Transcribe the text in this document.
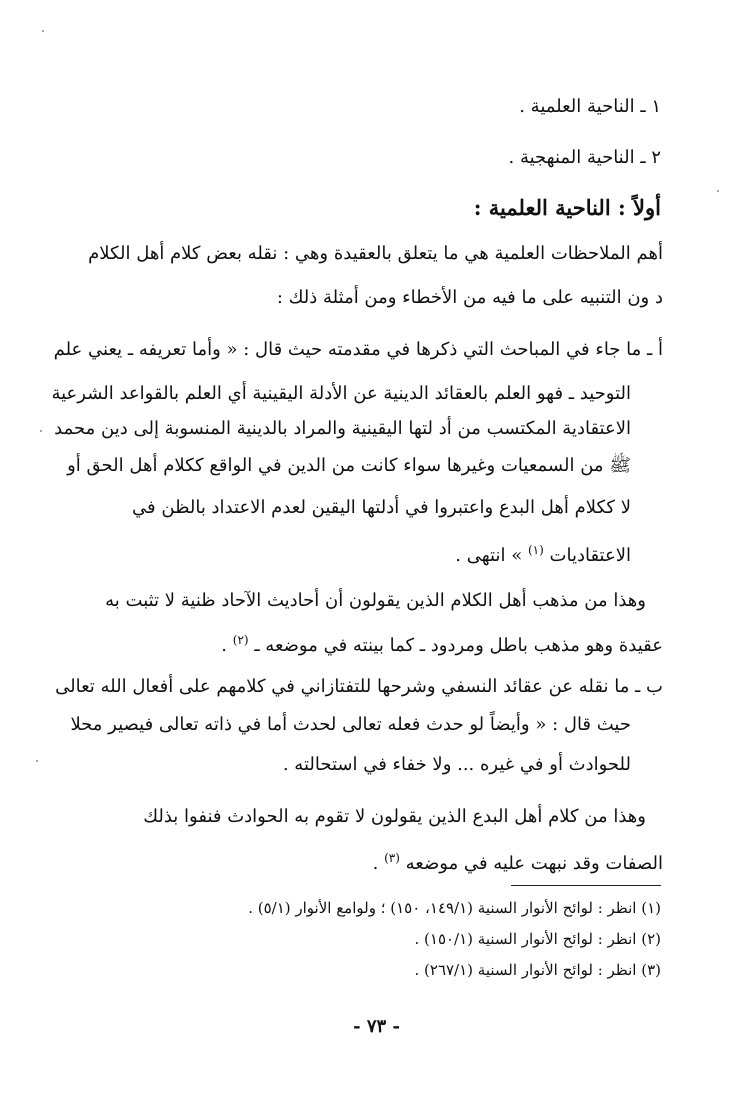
١ ـ الناحية العلمية .
٢ ـ الناحية المنهجية .
أولاً : الناحية العلمية :
أهم الملاحظات العلمية هي ما يتعلق بالعقيدة وهي : نقله بعض كلام أهل الكلام
د ون التنبيه على ما فيه من الأخطاء ومن أمثلة ذلك :
أ ـ ما جاء في المباحث التي ذكرها في مقدمته حيث قال : « وأما تعريفه ـ يعني علم
التوحيد ـ فهو العلم بالعقائد الدينية عن الأدلة اليقينية أي العلم بالقواعد الشرعية
الاعتقادية المكتسب من أد لتها اليقينية والمراد بالدينية المنسوبة إلى دين محمد
ﷺ من السمعيات وغيرها سواء كانت من الدين في الواقع ككلام أهل الحق أو
لا ككلام أهل البدع واعتبروا في أدلتها اليقين لعدم الاعتداد بالظن في
الاعتقاديات $^{(١)}$ » انتهى .
وهذا من مذهب أهل الكلام الذين يقولون أن أحاديث الآحاد ظنية لا تثبت به
عقيدة وهو مذهب باطل ومردود ـ كما بينته في موضعه ـ $^{(٢)}$ .
ب ـ ما نقله عن عقائد النسفي وشرحها للتفتازاني في كلامهم على أفعال الله تعالى
حيث قال : « وأيضاً لو حدث فعله تعالى لحدث أما في ذاته تعالى فيصير محلا
للحوادث أو في غيره ... ولا خفاء في استحالته .
وهذا من كلام أهل البدع الذين يقولون لا تقوم به الحوادث فنفوا بذلك
الصفات وقد نبهت عليه في موضعه $^{(٣)}$ .
(١) انظر : لوائح الأنوار السنية (١٤٩/١، ١٥٠) ؛ ولوامع الأنوار (٥/١) .
(٢) انظر : لوائح الأنوار السنية (١٥٠/١) .
(٣) انظر : لوائح الأنوار السنية (٢٦٧/١) .
- ٧٣ -
